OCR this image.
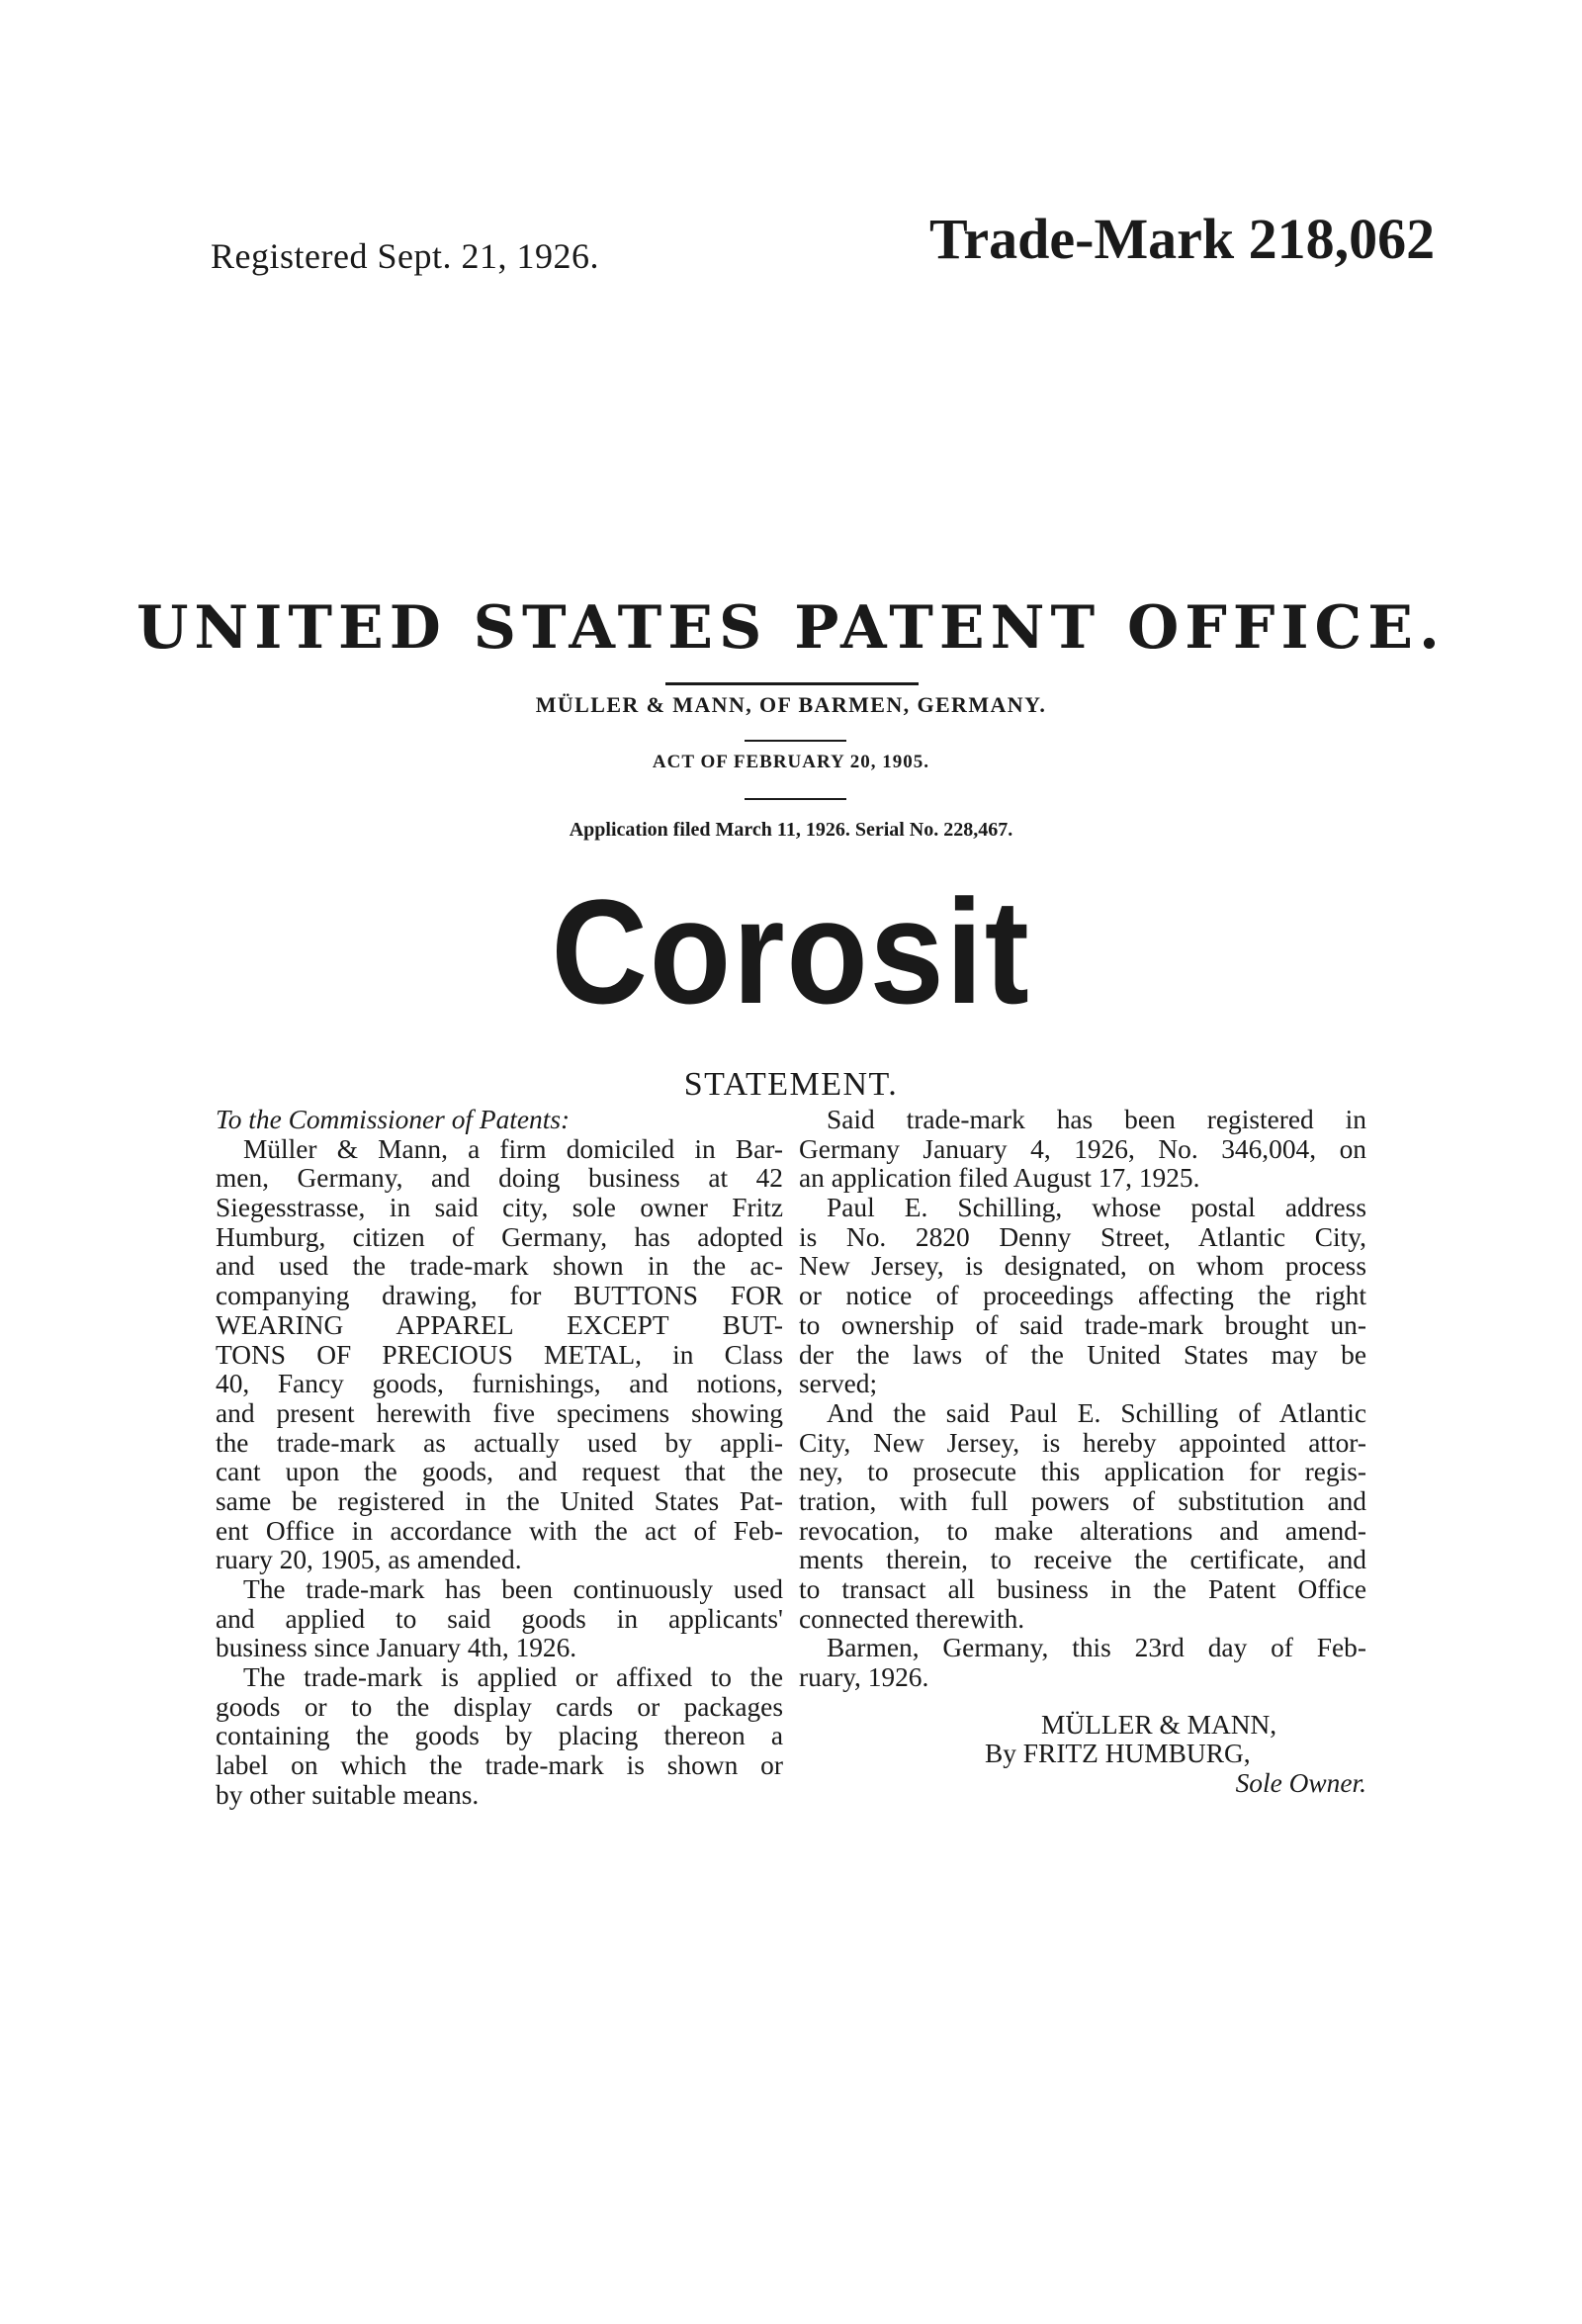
Registered Sept. 21, 1926.	Trade-Mark 218,062
UNITED STATES PATENT OFFICE.
MÜLLER & MANN, OF BARMEN, GERMANY.
ACT OF FEBRUARY 20, 1905.
Application filed March 11, 1926. Serial No. 228,467.
Corosit
STATEMENT.
To the Commissioner of Patents:
Müller & Mann, a firm domiciled in Bar-
men, Germany, and doing business at 42
Siegesstrasse, in said city, sole owner Fritz
Humburg, citizen of Germany, has adopted
and used the trade-mark shown in the ac-
companying drawing, for BUTTONS FOR
WEARING APPAREL EXCEPT BUT-
TONS OF PRECIOUS METAL, in Class
40, Fancy goods, furnishings, and notions,
and present herewith five specimens showing
the trade-mark as actually used by appli-
cant upon the goods, and request that the
same be registered in the United States Pat-
ent Office in accordance with the act of Feb-
ruary 20, 1905, as amended.
The trade-mark has been continuously used
and applied to said goods in applicants'
business since January 4th, 1926.
The trade-mark is applied or affixed to the
goods or to the display cards or packages
containing the goods by placing thereon a
label on which the trade-mark is shown or
by other suitable means.
Said trade-mark has been registered in
Germany January 4, 1926, No. 346,004, on
an application filed August 17, 1925.
Paul E. Schilling, whose postal address
is No. 2820 Denny Street, Atlantic City,
New Jersey, is designated, on whom process
or notice of proceedings affecting the right
to ownership of said trade-mark brought un-
der the laws of the United States may be
served;
And the said Paul E. Schilling of Atlantic
City, New Jersey, is hereby appointed attor-
ney, to prosecute this application for regis-
tration, with full powers of substitution and
revocation, to make alterations and amend-
ments therein, to receive the certificate, and
to transact all business in the Patent Office
connected therewith.
Barmen, Germany, this 23rd day of Feb-
ruary, 1926.
MÜLLER & MANN,
By FRITZ HUMBURG,
Sole Owner.
